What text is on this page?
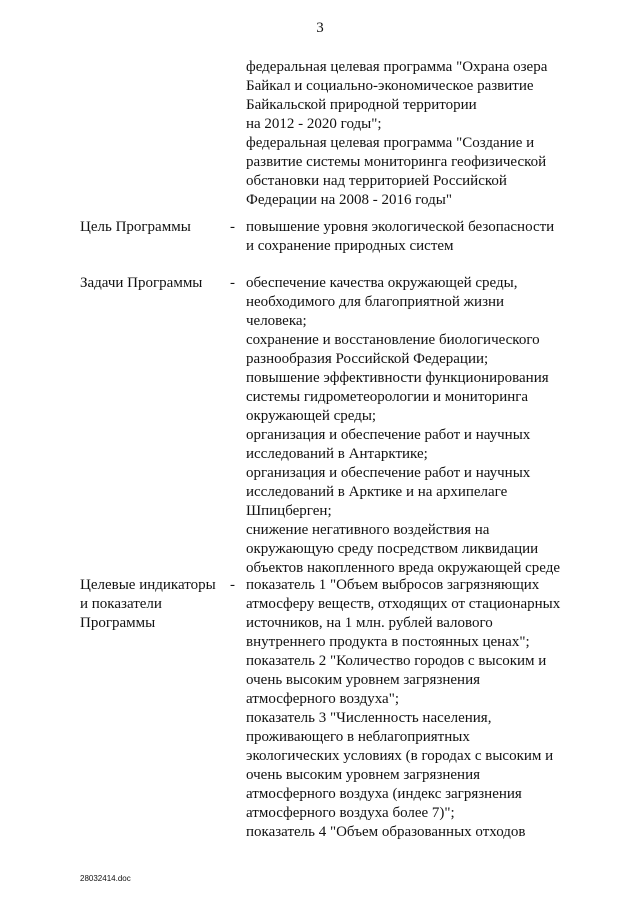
3
федеральная целевая программа "Охрана озера
Байкал и социально-экономическое развитие
Байкальской природной территории
на 2012 - 2020 годы";
федеральная целевая программа "Создание и
развитие системы мониторинга геофизической
обстановки над территорией Российской
Федерации на 2008 - 2016 годы"
Цель Программы	- повышение уровня экологической безопасности
и сохранение природных систем
Задачи Программы	- обеспечение качества окружающей среды,
необходимого для благоприятной жизни
человека;
сохранение и восстановление биологического
разнообразия Российской Федерации;
повышение эффективности функционирования
системы гидрометеорологии и мониторинга
окружающей среды;
организация и обеспечение работ и научных
исследований в Антарктике;
организация и обеспечение работ и научных
исследований в Арктике и на архипелаге
Шпицберген;
снижение негативного воздействия на
окружающую среду посредством ликвидации
объектов накопленного вреда окружающей среде
Целевые индикаторы
и показатели
Программы
- показатель 1 "Объем выбросов загрязняющих
атмосферу веществ, отходящих от стационарных
источников, на 1 млн. рублей валового
внутреннего продукта в постоянных ценах";
показатель 2 "Количество городов с высоким и
очень высоким уровнем загрязнения
атмосферного воздуха";
показатель 3 "Численность населения,
проживающего в неблагоприятных
экологических условиях (в городах с высоким и
очень высоким уровнем загрязнения
атмосферного воздуха (индекс загрязнения
атмосферного воздуха более 7)";
показатель 4 "Объем образованных отходов
28032414.doc
